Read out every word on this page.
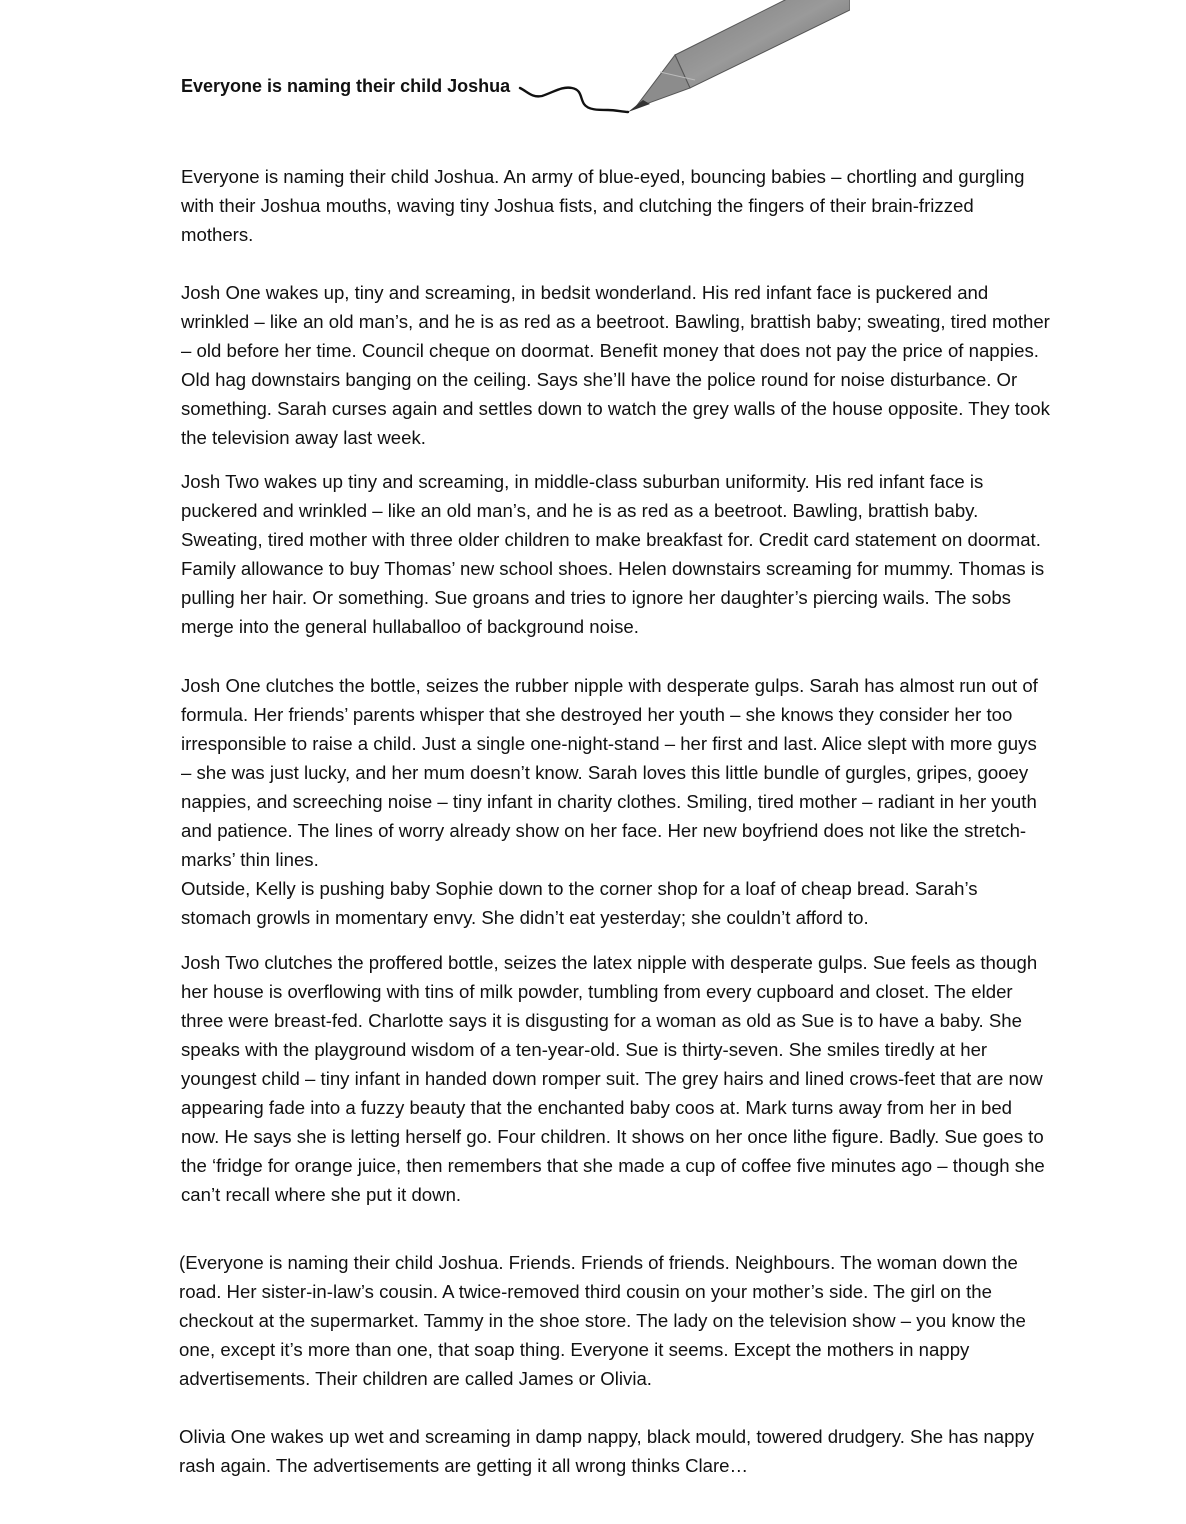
Everyone is naming their child Joshua

Everyone is naming their child Joshua. An army of blue-eyed, bouncing babies – chortling and gurgling with their Joshua mouths, waving tiny Joshua fists, and clutching the fingers of their brain-frizzed mothers.

Josh One wakes up, tiny and screaming, in bedsit wonderland. His red infant face is puckered and wrinkled – like an old man’s, and he is as red as a beetroot. Bawling, brattish baby; sweating, tired mother – old before her time. Council cheque on doormat. Benefit money that does not pay the price of nappies. Old hag downstairs banging on the ceiling. Says she’ll have the police round for noise disturbance. Or something. Sarah curses again and settles down to watch the grey walls of the house opposite. They took the television away last week.

Josh Two wakes up tiny and screaming, in middle-class suburban uniformity. His red infant face is puckered and wrinkled – like an old man’s, and he is as red as a beetroot. Bawling, brattish baby. Sweating, tired mother with three older children to make breakfast for. Credit card statement on doormat. Family allowance to buy Thomas’ new school shoes. Helen downstairs screaming for mummy. Thomas is pulling her hair. Or something. Sue groans and tries to ignore her daughter’s piercing wails. The sobs merge into the general hullaballoo of background noise.

Josh One clutches the bottle, seizes the rubber nipple with desperate gulps. Sarah has almost run out of formula. Her friends’ parents whisper that she destroyed her youth – she knows they consider her too irresponsible to raise a child. Just a single one-night-stand – her first and last. Alice slept with more guys – she was just lucky, and her mum doesn’t know. Sarah loves this little bundle of gurgles, gripes, gooey nappies, and screeching noise – tiny infant in charity clothes. Smiling, tired mother – radiant in her youth and patience. The lines of worry already show on her face. Her new boyfriend does not like the stretch-marks’ thin lines.

Outside, Kelly is pushing baby Sophie down to the corner shop for a loaf of cheap bread. Sarah’s stomach growls in momentary envy. She didn’t eat yesterday; she couldn’t afford to.

Josh Two clutches the proffered bottle, seizes the latex nipple with desperate gulps. Sue feels as though her house is overflowing with tins of milk powder, tumbling from every cupboard and closet. The elder three were breast-fed. Charlotte says it is disgusting for a woman as old as Sue is to have a baby. She speaks with the playground wisdom of a ten-year-old. Sue is thirty-seven. She smiles tiredly at her youngest child – tiny infant in handed down romper suit. The grey hairs and lined crows-feet that are now appearing fade into a fuzzy beauty that the enchanted baby coos at. Mark turns away from her in bed now. He says she is letting herself go. Four children. It shows on her once lithe figure. Badly. Sue goes to the ‘fridge for orange juice, then remembers that she made a cup of coffee five minutes ago – though she can’t recall where she put it down.

(Everyone is naming their child Joshua. Friends. Friends of friends. Neighbours. The woman down the road. Her sister-in-law’s cousin. A twice-removed third cousin on your mother’s side. The girl on the checkout at the supermarket. Tammy in the shoe store. The lady on the television show – you know the one, except it’s more than one, that soap thing. Everyone it seems. Except the mothers in nappy advertisements. Their children are called James or Olivia.

Olivia One wakes up wet and screaming in damp nappy, black mould, towered drudgery. She has nappy rash again. The advertisements are getting it all wrong thinks Clare…
